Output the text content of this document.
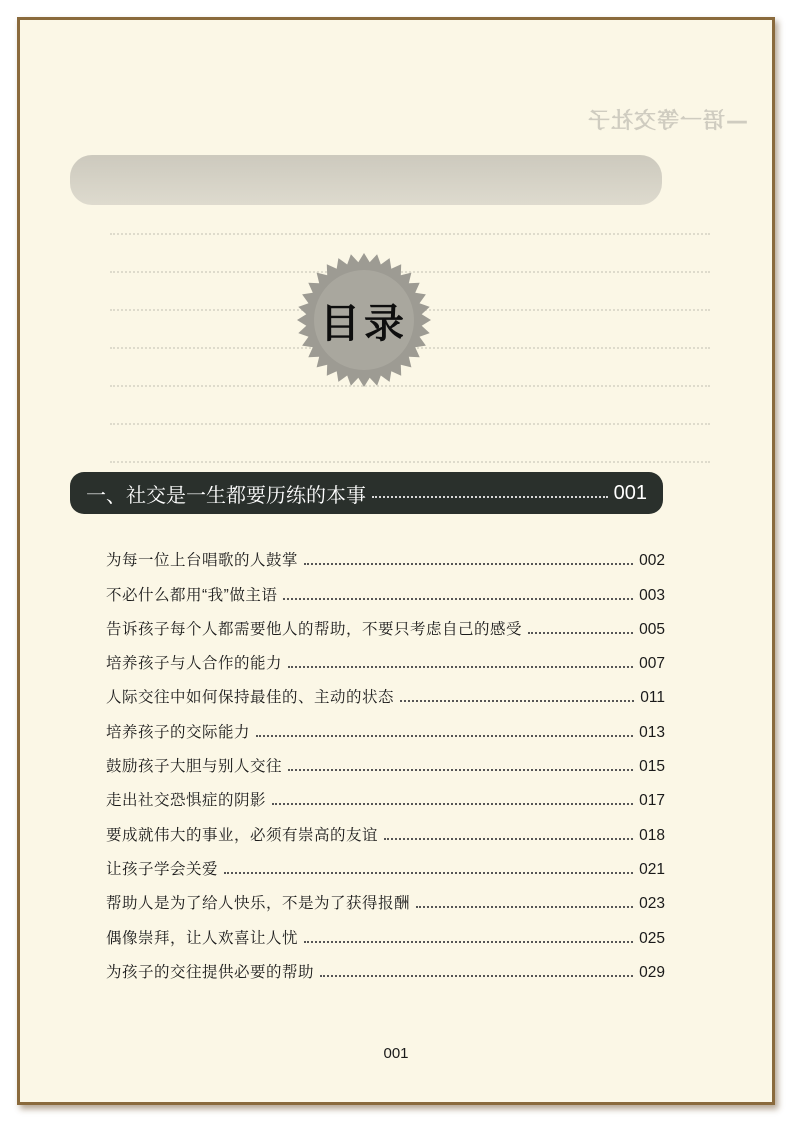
—语一等交社子
目录
一、社交是一生都要历练的本事	001
为每一位上台唱歌的人鼓掌	002
不必什么都用“我”做主语	003
告诉孩子每个人都需要他人的帮助，不要只考虑自己的感受	005
培养孩子与人合作的能力	007
人际交往中如何保持最佳的、主动的状态	011
培养孩子的交际能力	013
鼓励孩子大胆与别人交往	015
走出社交恐惧症的阴影	017
要成就伟大的事业，必须有崇高的友谊	018
让孩子学会关爱	021
帮助人是为了给人快乐，不是为了获得报酬	023
偶像崇拜，让人欢喜让人忧	025
为孩子的交往提供必要的帮助	029
001
